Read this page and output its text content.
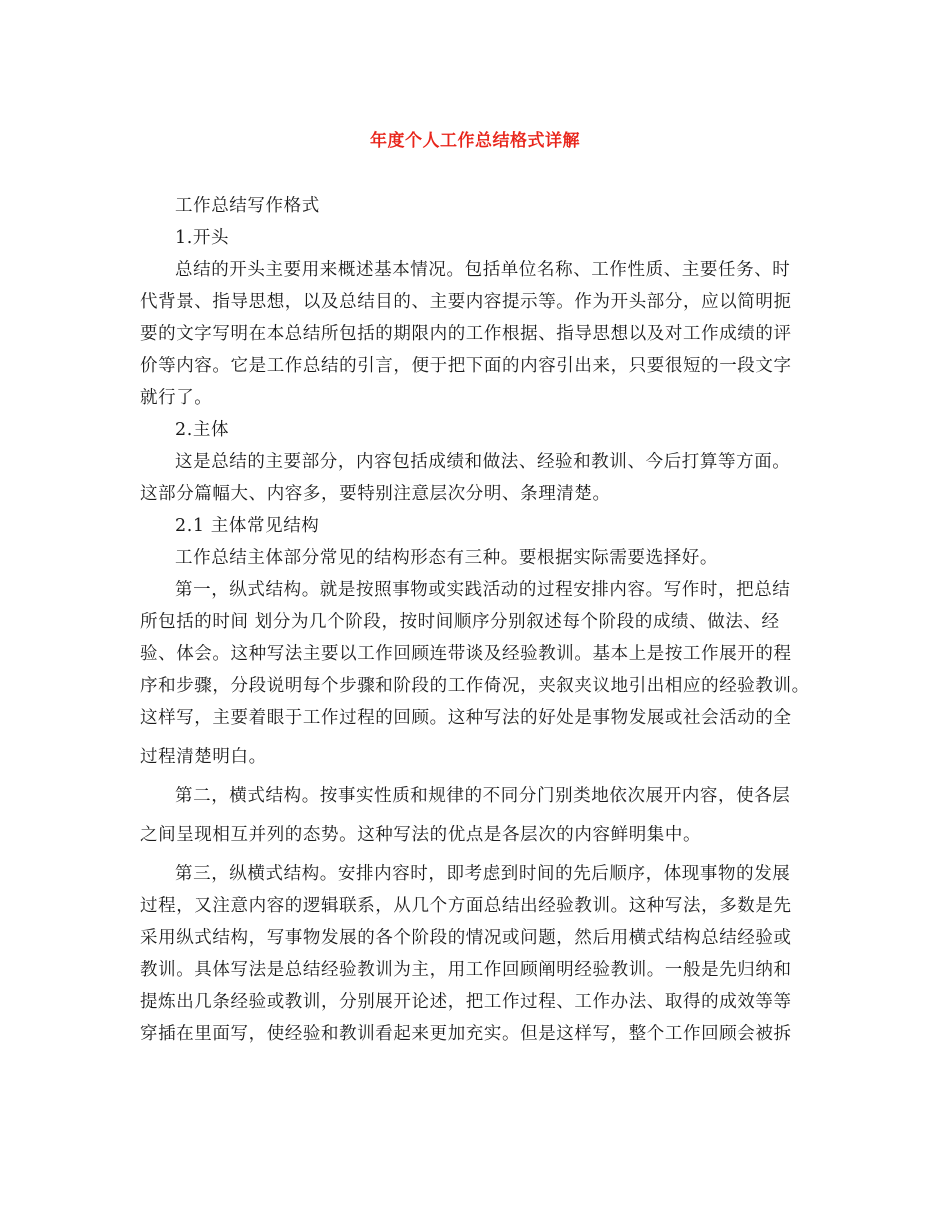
年度个人工作总结格式详解
工作总结写作格式
1.开头
总结的开头主要用来概述基本情况。包括单位名称、工作性质、主要任务、时
代背景、指导思想，以及总结目的、主要内容提示等。作为开头部分，应以简明扼
要的文字写明在本总结所包括的期限内的工作根据、指导思想以及对工作成绩的评
价等内容。它是工作总结的引言，便于把下面的内容引出来，只要很短的一段文字
就行了。
2.主体
这是总结的主要部分，内容包括成绩和做法、经验和教训、今后打算等方面。
这部分篇幅大、内容多，要特别注意层次分明、条理清楚。
2.1 主体常见结构
工作总结主体部分常见的结构形态有三种。要根据实际需要选择好。
第一，纵式结构。就是按照事物或实践活动的过程安排内容。写作时，把总结
所包括的时间 划分为几个阶段，按时间顺序分别叙述每个阶段的成绩、做法、经
验、体会。这种写法主要以工作回顾连带谈及经验教训。基本上是按工作展开的程
序和步骤，分段说明每个步骤和阶段的工作倚况，夹叙夹议地引出相应的经验教训。
这样写，主要着眼于工作过程的回顾。这种写法的好处是事物发展或社会活动的全
过程清楚明白。
第二，横式结构。按事实性质和规律的不同分门别类地依次展开内容，使各层
之间呈现相互并列的态势。这种写法的优点是各层次的内容鲜明集中。
第三，纵横式结构。安排内容时，即考虑到时间的先后顺序，体现事物的发展
过程，又注意内容的逻辑联系，从几个方面总结出经验教训。这种写法，多数是先
采用纵式结构，写事物发展的各个阶段的情况或问题，然后用横式结构总结经验或
教训。具体写法是总结经验教训为主，用工作回顾阐明经验教训。一般是先归纳和
提炼出几条经验或教训，分别展开论述，把工作过程、工作办法、取得的成效等等
穿插在里面写，使经验和教训看起来更加充实。但是这样写，整个工作回顾会被拆
